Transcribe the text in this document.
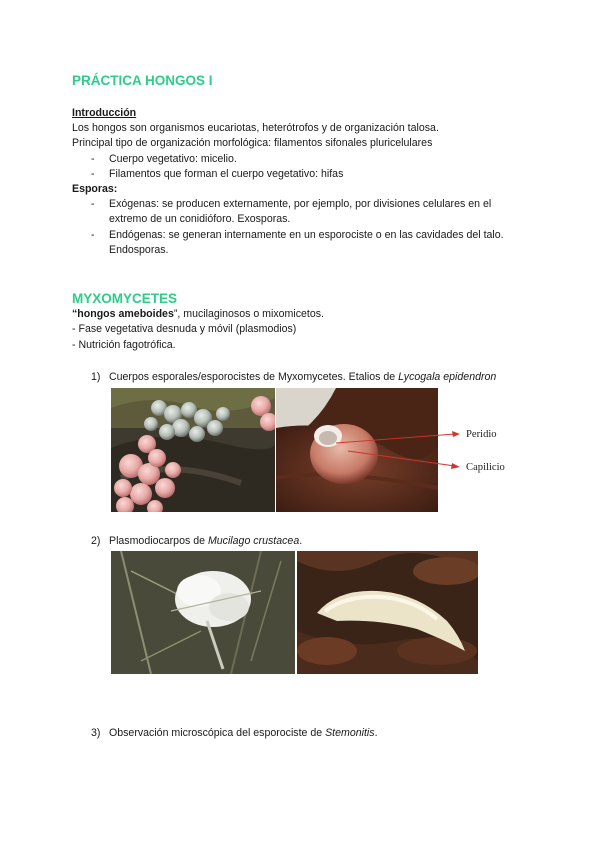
PRÁCTICA HONGOS I
Introducción
Los hongos son organismos eucariotas, heterótrofos y de organización talosa.
Principal tipo de organización morfológica: filamentos sifonales pluricelulares
- Cuerpo vegetativo: micelio.
- Filamentos que forman el cuerpo vegetativo: hifas
Esporas:
- Exógenas: se producen externamente, por ejemplo, por divisiones celulares en el
extremo de un conidióforo. Exosporas.
- Endógenas: se generan internamente en un esporociste o en las cavidades del talo.
Endosporas.
MYXOMYCETES
“hongos ameboides”, mucilaginosos o mixomicetos.
- Fase vegetativa desnuda y móvil (plasmodios)
- Nutrición fagotrófica.
1) Cuerpos esporales/esporocistes de Myxomycetes. Etalios de Lycogala epidendron
Peridio
Capilicio
2) Plasmodiocarpos de Mucilago crustacea.
3) Observación microscópica del esporociste de Stemonitis.
